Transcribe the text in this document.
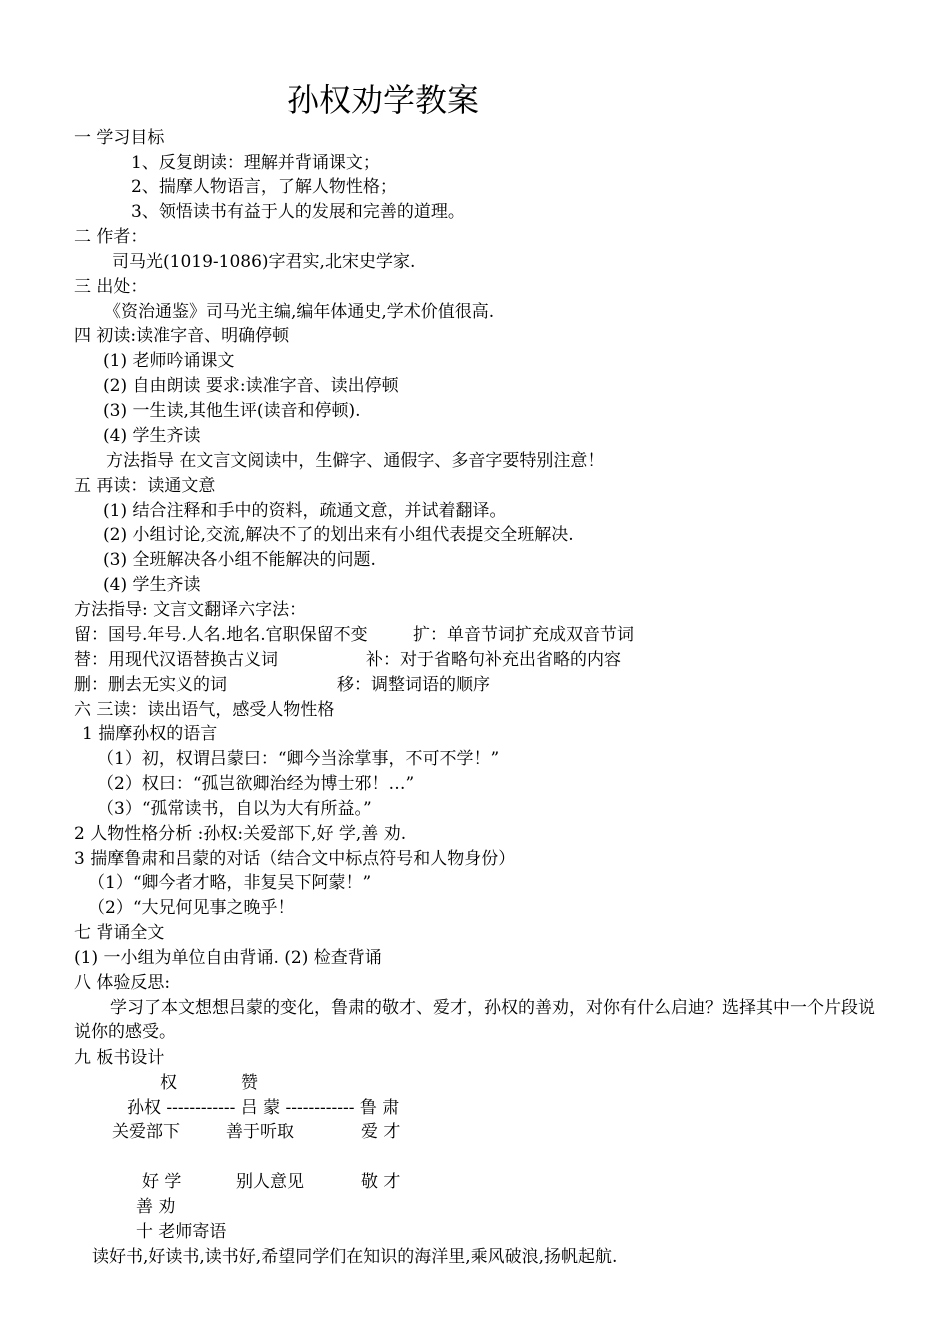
孙权劝学教案
一 学习目标
1、反复朗读：理解并背诵课文；
2、揣摩人物语言，了解人物性格；
3、领悟读书有益于人的发展和完善的道理。
二 作者：
司马光(1019-1086)字君实,北宋史学家.
三 出处：
《资治通鉴》司马光主编,编年体通史,学术价值很高.
四 初读:读准字音、明确停顿
(1) 老师吟诵课文
(2) 自由朗读 要求:读准字音、读出停顿
(3) 一生读,其他生评(读音和停顿).
(4) 学生齐读
方法指导 在文言文阅读中，生僻字、通假字、多音字要特别注意！
五 再读：读通文意
(1) 结合注释和手中的资料，疏通文意，并试着翻译。
(2) 小组讨论,交流,解决不了的划出来有小组代表提交全班解决.
(3) 全班解决各小组不能解决的问题.
(4) 学生齐读
方法指导: 文言文翻译六字法：
留：国号.年号.人名.地名.官职保留不变	扩：单音节词扩充成双音节词
替：用现代汉语替换古义词	补：对于省略句补充出省略的内容
删：删去无实义的词	移：调整词语的顺序
六 三读：读出语气，感受人物性格
1 揣摩孙权的语言
（1）初，权谓吕蒙曰：“卿今当涂掌事，不可不学！”
（2）权曰：“孤岂欲卿治经为博士邪！…”
（3）“孤常读书，自以为大有所益。”
2 人物性格分析 :孙权:关爱部下,好 学,善 劝.
3 揣摩鲁肃和吕蒙的对话（结合文中标点符号和人物身份）
（1）“卿今者才略，非复吴下阿蒙！”
（2）“大兄何见事之晚乎！
七 背诵全文
(1) 一小组为单位自由背诵. (2) 检查背诵
八 体验反思:
学习了本文想想吕蒙的变化，鲁肃的敬才、爱才，孙权的善劝，对你有什么启迪？选择其中一个片段说说你的感受。
九 板书设计
权	赞
孙权 ------------ 吕 蒙 ------------ 鲁 肃
关爱部下	善于听取	爱 才
好 学	别人意见	敬 才
善 劝
十 老师寄语
读好书,好读书,读书好,希望同学们在知识的海洋里,乘风破浪,扬帆起航.
